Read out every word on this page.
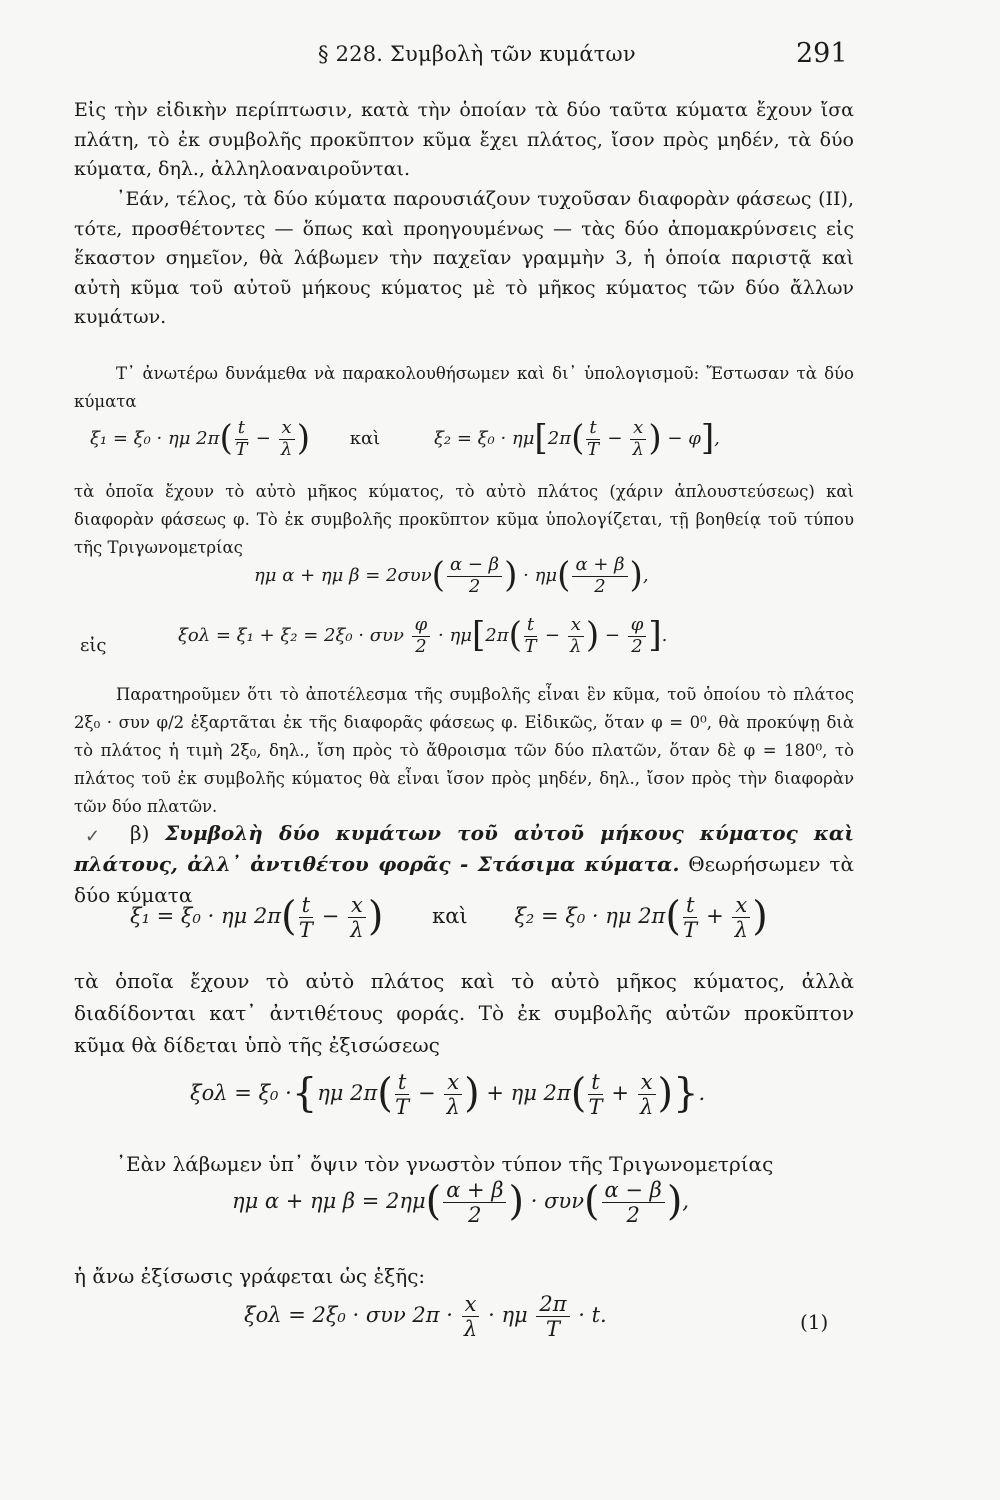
§ 228. Συμβολὴ τῶν κυμάτων	291
Εἰς τὴν εἰδικὴν περίπτωσιν, κατὰ τὴν ὁποίαν τὰ δύο ταῦτα κύματα ἔχουν ἴσα πλάτη, τὸ ἐκ συμβολῆς προκῦπτον κῦμα ἔχει πλάτος, ἴσον πρὸς μηδέν, τὰ δύο κύματα, δηλ., ἀλληλοαναιροῦνται.
᾿Εάν, τέλος, τὰ δύο κύματα παρουσιάζουν τυχοῦσαν διαφορὰν φάσεως (II), τότε, προσθέτοντες — ὅπως καὶ προηγουμένως — τὰς δύο ἀπομακρύνσεις εἰς ἕκαστον σημεῖον, θὰ λάβωμεν τὴν παχεῖαν γραμμὴν 3, ἡ ὁποία παριστᾷ καὶ αὐτὴ κῦμα τοῦ αὐτοῦ μήκους κύματος μὲ τὸ μῆκος κύματος τῶν δύο ἄλλων κυμάτων.
Τ᾿ ἀνωτέρω δυνάμεθα νὰ παρακολουθήσωμεν καὶ δι᾿ ὑπολογισμοῦ: Ἔστωσαν τὰ δύο κύματα
ξ₁ = ξ₀ · ημ $2\pi( \frac{t}{T} - \frac{x}{\lambda}$ ) καὶ	$\xi_2 = \xi_0 \cdot \eta\mu[2\pi( \frac{t}{T} - \frac{x}{\lambda}$ ) − φ],
τὰ ὁποῖα ἔχουν τὸ αὐτὸ μῆκος κύματος, τὸ αὐτὸ πλάτος (χάριν ἁπλουστεύσεως) καὶ διαφορὰν φάσεως φ. Τὸ ἐκ συμβολῆς προκῦπτον κῦμα ὑπολογίζεται, τῇ βοηθείᾳ τοῦ τύπου τῆς Τριγωνομετρίας
ημ α + ημ $\beta = 2\sigma\upsilon\nu( \frac{\alpha - \beta}{2}$ ) · $\eta\mu( \frac{\alpha + \beta}{2}$ ),
εἰς	ξολ = ξ₁ + ξ₂ = 2ξ₀ · συν $\frac{\varphi}{2} \cdot \eta\mu[2\pi( \frac{t}{T} - \frac{x}{\lambda}$ ) − $\frac{\varphi}{2}$ ].
Παρατηροῦμεν ὅτι τὸ ἀποτέλεσμα τῆς συμβολῆς εἶναι ἓν κῦμα, τοῦ ὁποίου τὸ πλάτος 2ξ₀ · συν φ/2 ἐξαρτᾶται ἐκ τῆς διαφορᾶς φάσεως φ. Εἰδικῶς, ὅταν φ = 0⁰, θὰ προκύψῃ διὰ τὸ πλάτος ἡ τιμὴ 2ξ₀, δηλ., ἴση πρὸς τὸ ἄθροισμα τῶν δύο πλατῶν, ὅταν δὲ φ = 180⁰, τὸ πλάτος τοῦ ἐκ συμβολῆς κύματος θὰ εἶναι ἴσον πρὸς μηδέν, δηλ., ἴσον πρὸς τὴν διαφορὰν τῶν δύο πλατῶν.
✓	β) Συμβολὴ δύο κυμάτων τοῦ αὐτοῦ μήκους κύματος καὶ πλάτους, ἀλλ᾿ ἀντιθέτου φορᾶς - Στάσιμα κύματα. Θεωρήσωμεν τὰ δύο κύματα
ξ₁ = ξ₀ · ημ $2\pi( \frac{t}{T} - \frac{x}{\lambda}$ ) καὶ ξ₂ = ξ₀ · ημ $2\pi( \frac{t}{T} + \frac{x}{\lambda}$ )
τὰ ὁποῖα ἔχουν τὸ αὐτὸ πλάτος καὶ τὸ αὐτὸ μῆκος κύματος, ἀλλὰ διαδίδονται κατ᾿ ἀντιθέτους φοράς. Τὸ ἐκ συμβολῆς αὐτῶν προκῦπτον κῦμα θὰ δίδεται ὑπὸ τῆς ἐξισώσεως
ξολ = ξ₀ ·{ημ $2\pi( \frac{t}{T} - \frac{x}{\lambda}$ ) + ημ $2\pi( \frac{t}{T} + \frac{x}{\lambda}$ )}.
᾿Εὰν λάβωμεν ὑπ᾿ ὄψιν τὸν γνωστὸν τύπον τῆς Τριγωνομετρίας
ημ α + ημ $\beta = 2\eta\mu( \frac{\alpha + \beta}{2}$ ) · $\sigma\upsilon\nu( \frac{\alpha - \beta}{2}$ ),
ἡ ἄνω ἐξίσωσις γράφεται ὡς ἑξῆς:
ξολ = 2ξ₀ · συν $2\pi \cdot \frac{x}{\lambda} \cdot \eta\mu \frac{2\pi}{T} \cdot t$.	(1)
